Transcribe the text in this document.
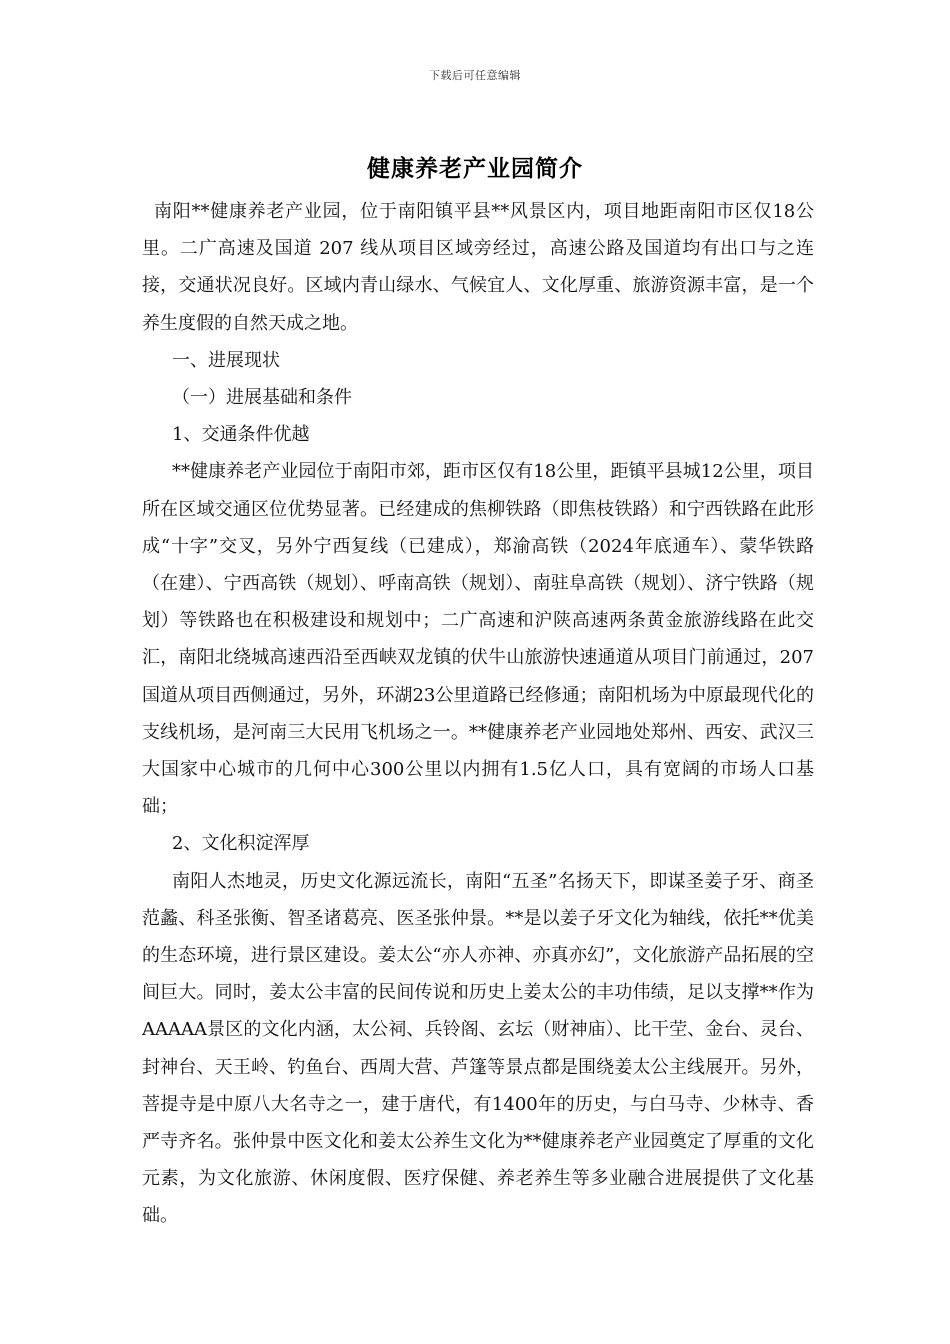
下载后可任意编辑
健康养老产业园简介

南阳**健康养老产业园，位于南阳镇平县**风景区内，项目地距南阳市区仅18公里。二广高速及国道 207 线从项目区域旁经过，高速公路及国道均有出口与之连接，交通状况良好。区域内青山绿水、气候宜人、文化厚重、旅游资源丰富，是一个养生度假的自然天成之地。

一、进展现状

（一）进展基础和条件

1、交通条件优越

**健康养老产业园位于南阳市郊，距市区仅有18公里，距镇平县城12公里，项目所在区域交通区位优势显著。已经建成的焦柳铁路（即焦枝铁路）和宁西铁路在此形成“十字”交叉，另外宁西复线（已建成），郑渝高铁（2024年底通车）、蒙华铁路（在建）、宁西高铁（规划）、呼南高铁（规划）、南驻阜高铁（规划）、济宁铁路（规划）等铁路也在积极建设和规划中；二广高速和沪陕高速两条黄金旅游线路在此交汇，南阳北绕城高速西沿至西峡双龙镇的伏牛山旅游快速通道从项目门前通过，207国道从项目西侧通过，另外，环湖23公里道路已经修通；南阳机场为中原最现代化的支线机场，是河南三大民用飞机场之一。**健康养老产业园地处郑州、西安、武汉三大国家中心城市的几何中心300公里以内拥有1.5亿人口，具有宽阔的市场人口基础；

2、文化积淀浑厚

南阳人杰地灵，历史文化源远流长，南阳“五圣”名扬天下，即谋圣姜子牙、商圣范蠡、科圣张衡、智圣诸葛亮、医圣张仲景。**是以姜子牙文化为轴线，依托**优美的生态环境，进行景区建设。姜太公“亦人亦神、亦真亦幻”，文化旅游产品拓展的空间巨大。同时，姜太公丰富的民间传说和历史上姜太公的丰功伟绩，足以支撑**作为AAAAA景区的文化内涵，太公祠、兵铃阁、玄坛（财神庙）、比干茔、金台、灵台、封神台、天王岭、钓鱼台、西周大营、芦篷等景点都是围绕姜太公主线展开。另外，菩提寺是中原八大名寺之一，建于唐代，有1400年的历史，与白马寺、少林寺、香严寺齐名。张仲景中医文化和姜太公养生文化为**健康养老产业园奠定了厚重的文化元素，为文化旅游、休闲度假、医疗保健、养老养生等多业融合进展提供了文化基础。
